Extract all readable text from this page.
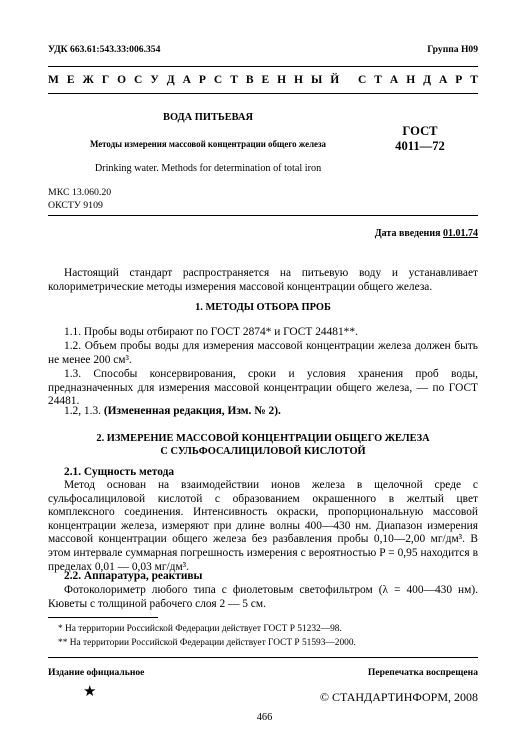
УДК 663.61:543.33:006.354	Группа Н09
М Е Ж Г О С У Д А Р С Т В Е Н Н Ы Й
С Т А Н Д А Р Т
ВОДА ПИТЬЕВАЯ
Методы измерения массовой концентрации общего железа
ГОСТ
4011—72
Drinking water. Methods for determination of total iron
МКС 13.060.20
ОКСТУ 9109
Дата введения 01.01.74
Настоящий стандарт распространяется на питьевую воду и устанавливает колориметрические методы измерения массовой концентрации общего железа.
1. МЕТОДЫ ОТБОРА ПРОБ
1.1. Пробы воды отбирают по ГОСТ 2874* и ГОСТ 24481**.
1.2. Объем пробы воды для измерения массовой концентрации железа должен быть не менее 200 см³.
1.3. Способы консервирования, сроки и условия хранения проб воды, предназначенных для измерения массовой концентрации общего железа, — по ГОСТ 24481.
1.2, 1.3. (Измененная редакция, Изм. № 2).
2. ИЗМЕРЕНИЕ МАССОВОЙ КОНЦЕНТРАЦИИ ОБЩЕГО ЖЕЛЕЗА
С СУЛЬФОСАЛИЦИЛОВОЙ КИСЛОТОЙ
2.1. Сущность метода
Метод основан на взаимодействии ионов железа в щелочной среде с сульфосалициловой кислотой с образованием окрашенного в желтый цвет комплексного соединения. Интенсивность окраски, пропорциональную массовой концентрации железа, измеряют при длине волны 400—430 нм. Диапазон измерения массовой концентрации общего железа без разбавления пробы 0,10—2,00 мг/дм³. В этом интервале суммарная погрешность измерения с вероятностью P = 0,95 находится в пределах 0,01 — 0,03 мг/дм³.
2.2. Аппаратура, реактивы
Фотоколориметр любого типа с фиолетовым светофильтром (λ = 400—430 нм). Кюветы с толщиной рабочего слоя 2 — 5 см.
* На территории Российской Федерации действует ГОСТ Р 51232—98.
** На территории Российской Федерации действует ГОСТ Р 51593—2000.
Издание официальное	Перепечатка воспрещена
★	© СТАНДАРТИНФОРМ, 2008
466
